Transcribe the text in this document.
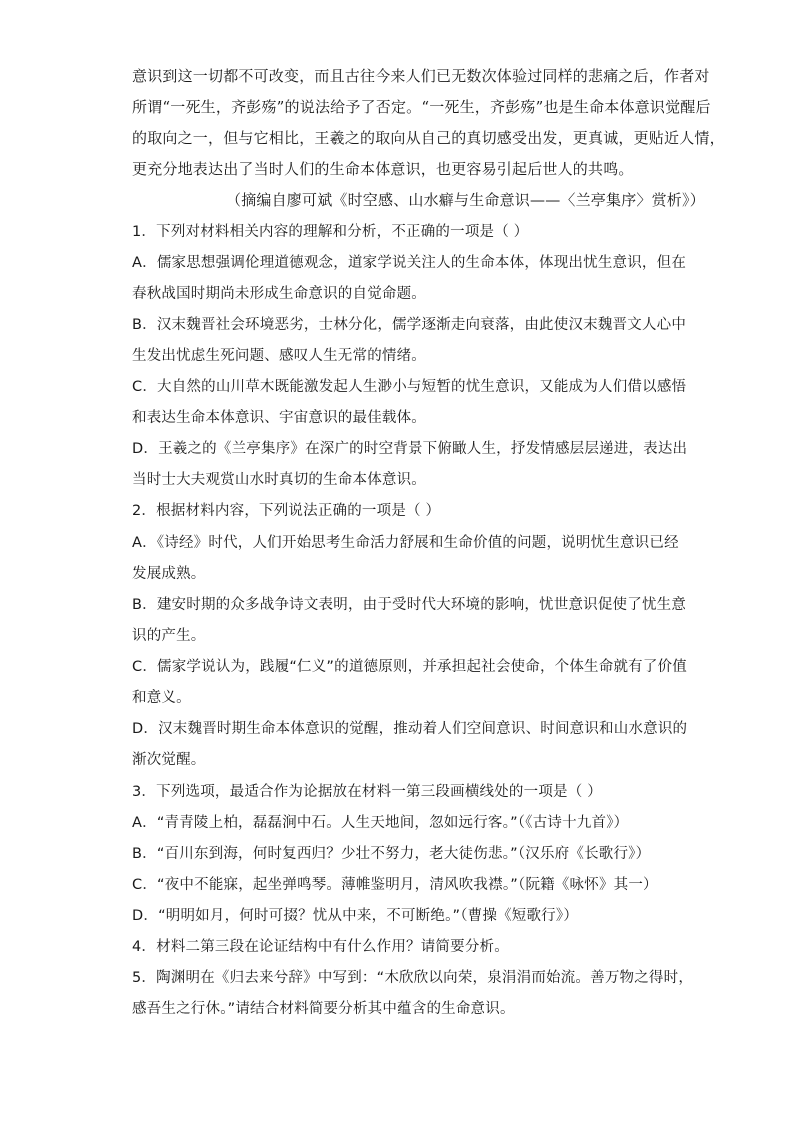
意识到这一切都不可改变，而且古往今来人们已无数次体验过同样的悲痛之后，作者对
所谓“一死生，齐彭殇”的说法给予了否定。“一死生，齐彭殇”也是生命本体意识觉醒后
的取向之一，但与它相比，王羲之的取向从自己的真切感受出发，更真诚，更贴近人情，
更充分地表达出了当时人们的生命本体意识，也更容易引起后世人的共鸣。
（摘编自廖可斌《时空感、山水癖与生命意识——〈兰亭集序〉赏析》）
1．下列对材料相关内容的理解和分析，不正确的一项是（ ）
A．儒家思想强调伦理道德观念，道家学说关注人的生命本体，体现出忧生意识，但在
春秋战国时期尚未形成生命意识的自觉命题。
B．汉末魏晋社会环境恶劣，士林分化，儒学逐渐走向衰落，由此使汉末魏晋文人心中
生发出忧虑生死问题、感叹人生无常的情绪。
C．大自然的山川草木既能激发起人生渺小与短暂的忧生意识，又能成为人们借以感悟
和表达生命本体意识、宇宙意识的最佳载体。
D．王羲之的《兰亭集序》在深广的时空背景下俯瞰人生，抒发情感层层递进，表达出
当时士大夫观赏山水时真切的生命本体意识。
2．根据材料内容，下列说法正确的一项是（ ）
A．《诗经》时代，人们开始思考生命活力舒展和生命价值的问题，说明忧生意识已经
发展成熟。
B．建安时期的众多战争诗文表明，由于受时代大环境的影响，忧世意识促使了忧生意
识的产生。
C．儒家学说认为，践履“仁义”的道德原则，并承担起社会使命，个体生命就有了价值
和意义。
D．汉末魏晋时期生命本体意识的觉醒，推动着人们空间意识、时间意识和山水意识的
渐次觉醒。
3．下列选项，最适合作为论据放在材料一第三段画横线处的一项是（ ）
A．“青青陵上柏，磊磊涧中石。人生天地间，忽如远行客。”（《古诗十九首》）
B．“百川东到海，何时复西归？少壮不努力，老大徒伤悲。”（汉乐府《长歌行》）
C．“夜中不能寐，起坐弹鸣琴。薄帷鉴明月，清风吹我襟。”（阮籍《咏怀》其一）
D．“明明如月，何时可掇？忧从中来，不可断绝。”（曹操《短歌行》）
4．材料二第三段在论证结构中有什么作用？请简要分析。
5．陶渊明在《归去来兮辞》中写到：“木欣欣以向荣，泉涓涓而始流。善万物之得时，
感吾生之行休。”请结合材料简要分析其中蕴含的生命意识。
